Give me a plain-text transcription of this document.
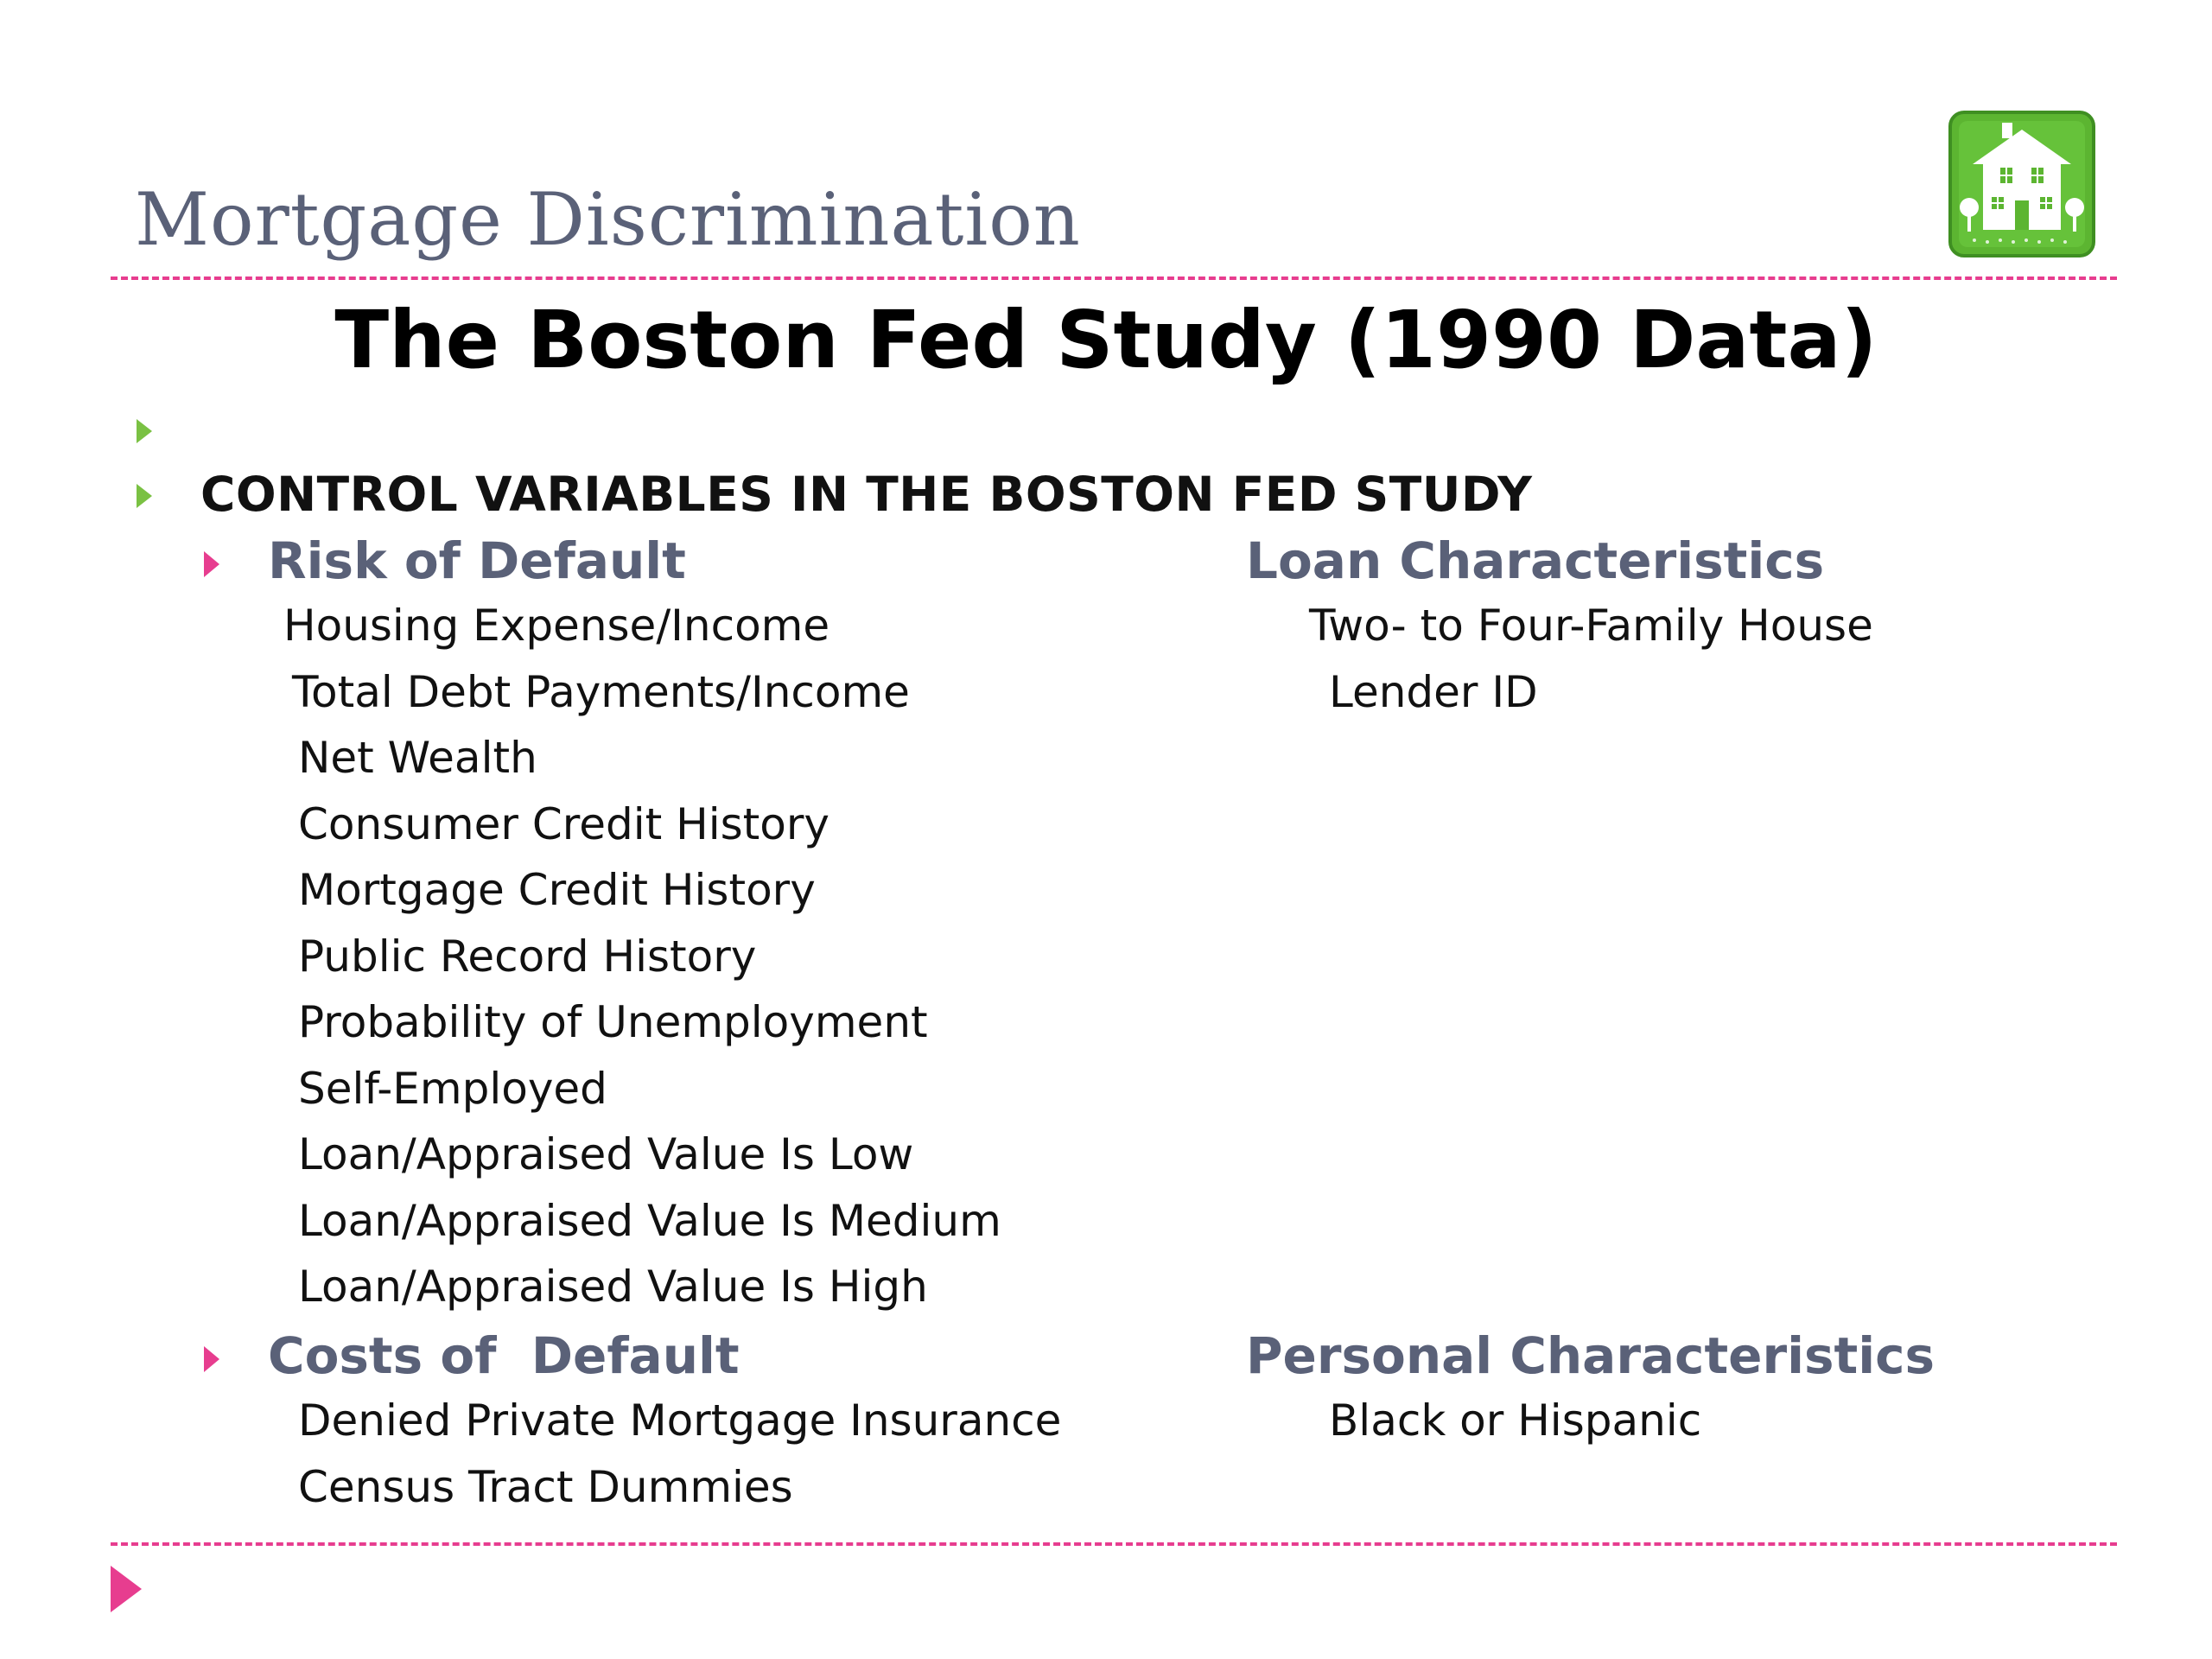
Mortgage Discrimination
The Boston Fed Study (1990 Data)
CONTROL VARIABLES IN THE BOSTON FED STUDY
Risk of Default
Housing Expense/Income
Total Debt Payments/Income
Net Wealth
Consumer Credit History
Mortgage Credit History
Public Record History
Probability of Unemployment
Self-Employed
Loan/Appraised Value Is Low
Loan/Appraised Value Is Medium
Loan/Appraised Value Is High
Costs of  Default
Denied Private Mortgage Insurance
Census Tract Dummies
Loan Characteristics
Two- to Four-Family House
Lender ID
Personal Characteristics
Black or Hispanic
